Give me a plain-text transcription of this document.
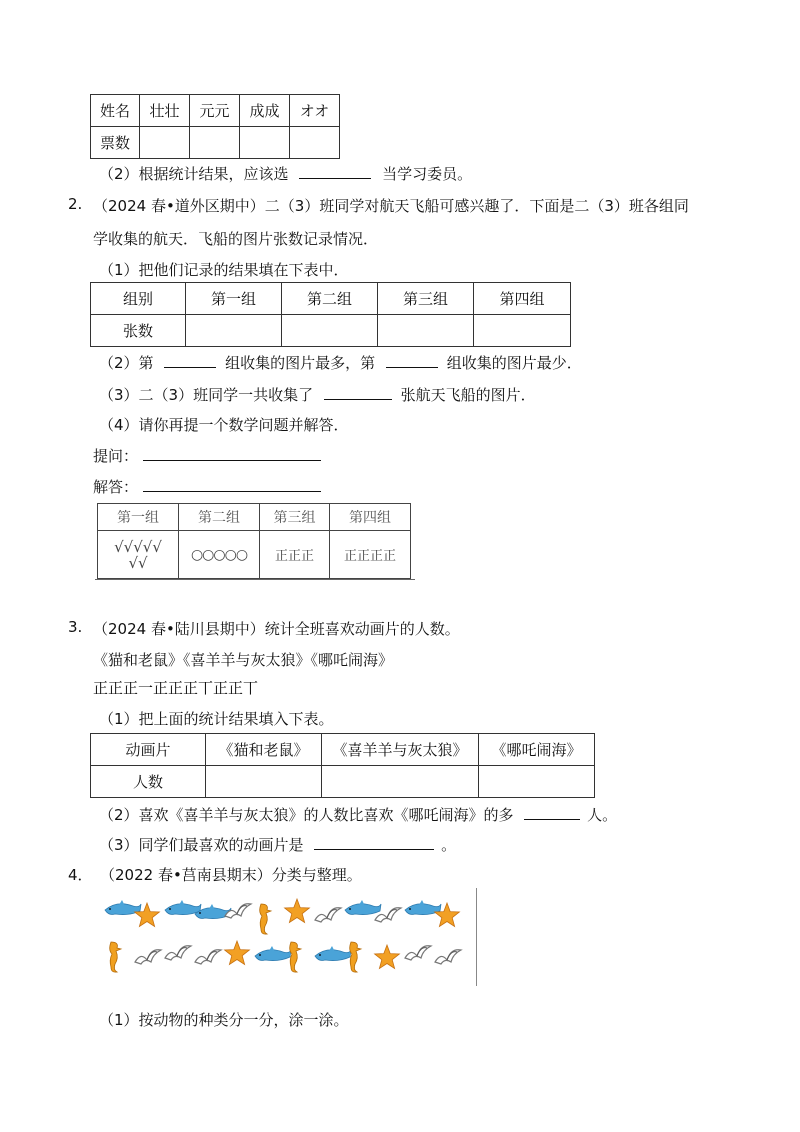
姓名	壮壮	元元	成成	オオ
票数				
（2）根据统计结果，应该选	当学习委员。
2. （2024 春•道外区期中）二（3）班同学对航天飞船可感兴趣了．下面是二（3）班各组同
学收集的航天．飞船的图片张数记录情况．
（1）把他们记录的结果填在下表中．
组别	第一组	第二组	第三组	第四组
张数				
（2）第	组收集的图片最多，第	组收集的图片最少．
（3）二（3）班同学一共收集了	张航天飞船的图片．
（4）请你再提一个数学问题并解答．
提问：
解答：
第一组	第二组	第三组	第四组
√√√√√
√√	○○○○○	正正正	正正正正
3. （2024 春•陆川县期中）统计全班喜欢动画片的人数。
《猫和老鼠》《喜羊羊与灰太狼》《哪吒闹海》
正正正一正正正丅正正丅
（1）把上面的统计结果填入下表。
动画片	《猫和老鼠》	《喜羊羊与灰太狼》	《哪吒闹海》
人数			
（2）喜欢《喜羊羊与灰太狼》的人数比喜欢《哪吒闹海》的多	人。
（3）同学们最喜欢的动画片是	。
4． （2022 春•莒南县期末）分类与整理。
（1）按动物的种类分一分，涂一涂。
